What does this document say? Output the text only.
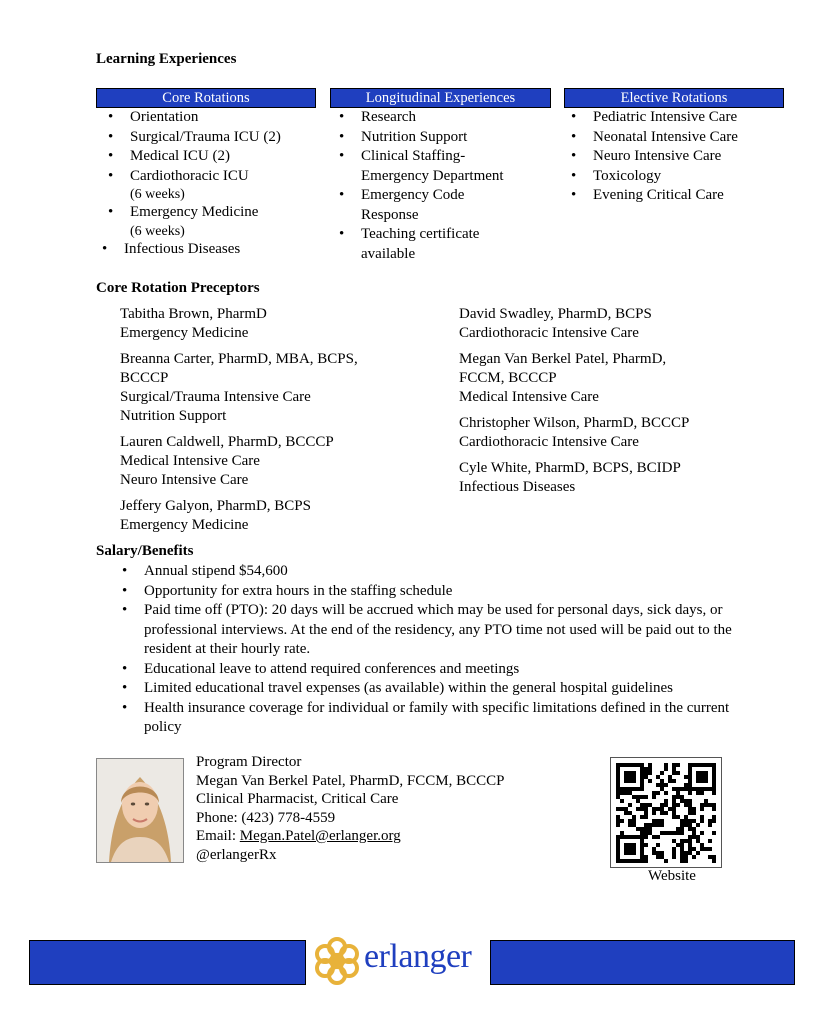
Learning Experiences
Core Rotations
• Orientation
• Surgical/Trauma ICU (2)
• Medical ICU (2)
• Cardiothoracic ICU
(6 weeks)
• Emergency Medicine
(6 weeks)
• Infectious Diseases
Longitudinal Experiences
• Research
• Nutrition Support
• Clinical Staffing-Emergency Department
• Emergency Code Response
• Teaching certificate available
Elective Rotations
• Pediatric Intensive Care
• Neonatal Intensive Care
• Neuro Intensive Care
• Toxicology
• Evening Critical Care
Core Rotation Preceptors
Tabitha Brown, PharmD
Emergency Medicine
Breanna Carter, PharmD, MBA, BCPS, BCCCP
Surgical/Trauma Intensive Care
Nutrition Support
Lauren Caldwell, PharmD, BCCCP
Medical Intensive Care
Neuro Intensive Care
Jeffery Galyon, PharmD, BCPS
Emergency Medicine
David Swadley, PharmD, BCPS
Cardiothoracic Intensive Care
Megan Van Berkel Patel, PharmD, FCCM, BCCCP
Medical Intensive Care
Christopher Wilson, PharmD, BCCCP
Cardiothoracic Intensive Care
Cyle White, PharmD, BCPS, BCIDP
Infectious Diseases
Salary/Benefits
• Annual stipend $54,600
• Opportunity for extra hours in the staffing schedule
• Paid time off (PTO): 20 days will be accrued which may be used for personal days, sick days, or professional interviews. At the end of the residency, any PTO time not used will be paid out to the resident at their hourly rate.
• Educational leave to attend required conferences and meetings
• Limited educational travel expenses (as available) within the general hospital guidelines
• Health insurance coverage for individual or family with specific limitations defined in the current policy
Program Director
Megan Van Berkel Patel, PharmD, FCCM, BCCCP
Clinical Pharmacist, Critical Care
Phone: (423) 778-4559
Email: Megan.Patel@erlanger.org
@erlangerRx
Website
erlanger
